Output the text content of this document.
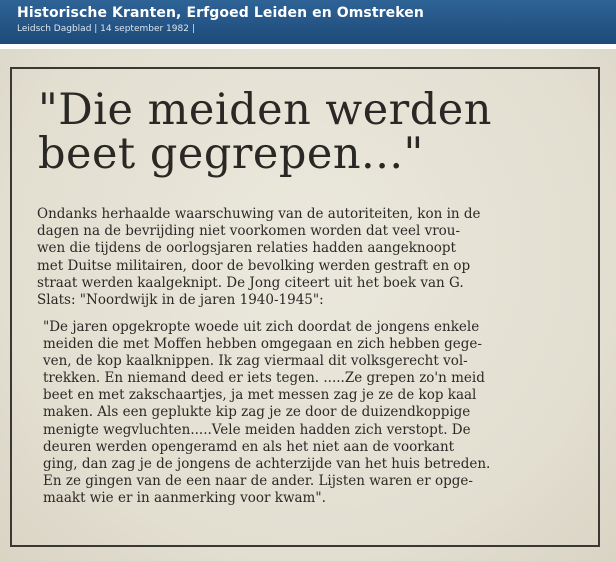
Historische Kranten, Erfgoed Leiden en Omstreken
Leidsch Dagblad | 14 september 1982 |
"Die meiden werden
beet gegrepen..."

Ondanks herhaalde waarschuwing van de autoriteiten, kon in de
dagen na de bevrijding niet voorkomen worden dat veel vrou-
wen die tijdens de oorlogsjaren relaties hadden aangeknoopt
met Duitse militairen, door de bevolking werden gestraft en op
straat werden kaalgeknipt. De Jong citeert uit het boek van G.
Slats: "Noordwijk in de jaren 1940-1945":

"De jaren opgekropte woede uit zich doordat de jongens enkele
meiden die met Moffen hebben omgegaan en zich hebben gege-
ven, de kop kaalknippen. Ik zag viermaal dit volksgerecht vol-
trekken. En niemand deed er iets tegen. .....Ze grepen zo'n meid
beet en met zakschaartjes, ja met messen zag je ze de kop kaal
maken. Als een geplukte kip zag je ze door de duizendkoppige
menigte wegvluchten.....Vele meiden hadden zich verstopt. De
deuren werden opengeramd en als het niet aan de voorkant
ging, dan zag je de jongens de achterzijde van het huis betreden.
En ze gingen van de een naar de ander. Lijsten waren er opge-
maakt wie er in aanmerking voor kwam".
